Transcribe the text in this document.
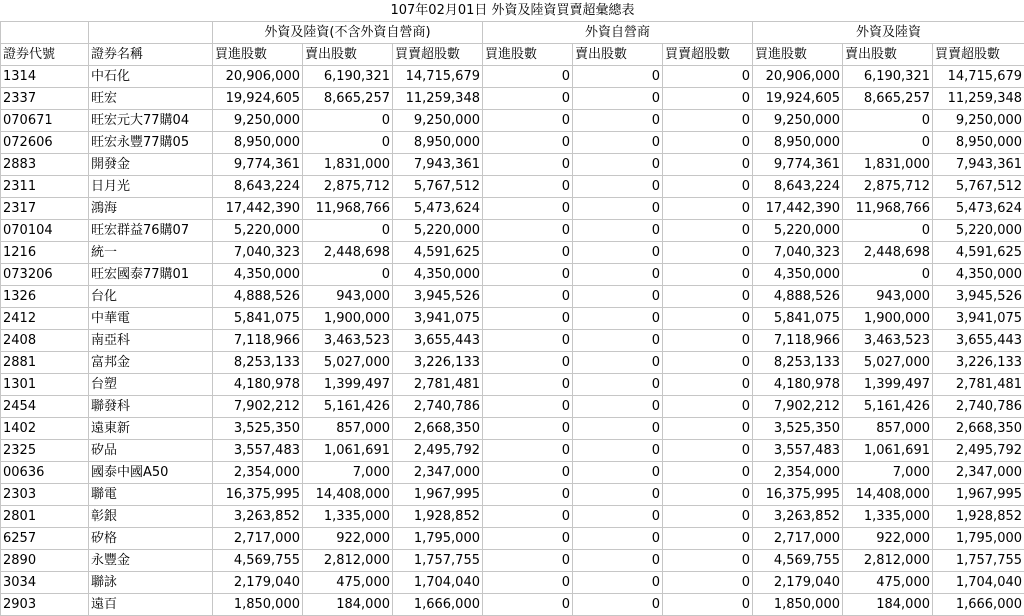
107年02月01日 外資及陸資買賣超彙總表										
		外資及陸資(不含外資自營商)			外資自營商			外資及陸資		
證券代號	證券名稱	買進股數	賣出股數	買賣超股數	買進股數	賣出股數	買賣超股數	買進股數	賣出股數	買賣超股數
1314	中石化	20,906,000	6,190,321	14,715,679	0	0	0	20,906,000	6,190,321	14,715,679
2337	旺宏	19,924,605	8,665,257	11,259,348	0	0	0	19,924,605	8,665,257	11,259,348
070671	旺宏元大77購04	9,250,000	0	9,250,000	0	0	0	9,250,000	0	9,250,000
072606	旺宏永豐77購05	8,950,000	0	8,950,000	0	0	0	8,950,000	0	8,950,000
2883	開發金	9,774,361	1,831,000	7,943,361	0	0	0	9,774,361	1,831,000	7,943,361
2311	日月光	8,643,224	2,875,712	5,767,512	0	0	0	8,643,224	2,875,712	5,767,512
2317	鴻海	17,442,390	11,968,766	5,473,624	0	0	0	17,442,390	11,968,766	5,473,624
070104	旺宏群益76購07	5,220,000	0	5,220,000	0	0	0	5,220,000	0	5,220,000
1216	統一	7,040,323	2,448,698	4,591,625	0	0	0	7,040,323	2,448,698	4,591,625
073206	旺宏國泰77購01	4,350,000	0	4,350,000	0	0	0	4,350,000	0	4,350,000
1326	台化	4,888,526	943,000	3,945,526	0	0	0	4,888,526	943,000	3,945,526
2412	中華電	5,841,075	1,900,000	3,941,075	0	0	0	5,841,075	1,900,000	3,941,075
2408	南亞科	7,118,966	3,463,523	3,655,443	0	0	0	7,118,966	3,463,523	3,655,443
2881	富邦金	8,253,133	5,027,000	3,226,133	0	0	0	8,253,133	5,027,000	3,226,133
1301	台塑	4,180,978	1,399,497	2,781,481	0	0	0	4,180,978	1,399,497	2,781,481
2454	聯發科	7,902,212	5,161,426	2,740,786	0	0	0	7,902,212	5,161,426	2,740,786
1402	遠東新	3,525,350	857,000	2,668,350	0	0	0	3,525,350	857,000	2,668,350
2325	矽品	3,557,483	1,061,691	2,495,792	0	0	0	3,557,483	1,061,691	2,495,792
00636	國泰中國A50	2,354,000	7,000	2,347,000	0	0	0	2,354,000	7,000	2,347,000
2303	聯電	16,375,995	14,408,000	1,967,995	0	0	0	16,375,995	14,408,000	1,967,995
2801	彰銀	3,263,852	1,335,000	1,928,852	0	0	0	3,263,852	1,335,000	1,928,852
6257	矽格	2,717,000	922,000	1,795,000	0	0	0	2,717,000	922,000	1,795,000
2890	永豐金	4,569,755	2,812,000	1,757,755	0	0	0	4,569,755	2,812,000	1,757,755
3034	聯詠	2,179,040	475,000	1,704,040	0	0	0	2,179,040	475,000	1,704,040
2903	遠百	1,850,000	184,000	1,666,000	0	0	0	1,850,000	184,000	1,666,000
